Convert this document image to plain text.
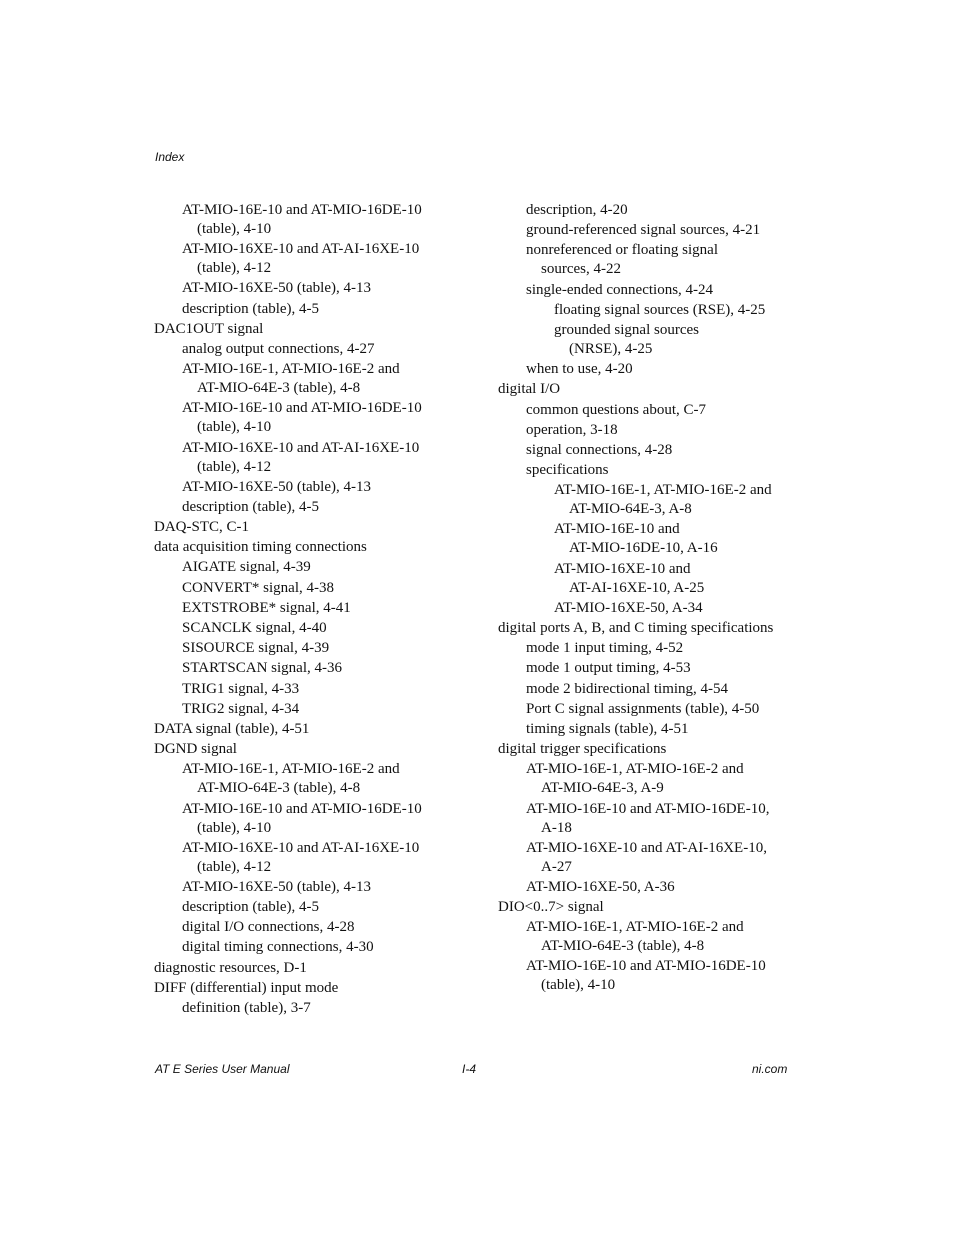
Index
AT-MIO-16E-10 and AT-MIO-16DE-10
(table), 4-10
AT-MIO-16XE-10 and AT-AI-16XE-10
(table), 4-12
AT-MIO-16XE-50 (table), 4-13
description (table), 4-5
DAC1OUT signal
analog output connections, 4-27
AT-MIO-16E-1, AT-MIO-16E-2 and
AT-MIO-64E-3 (table), 4-8
AT-MIO-16E-10 and AT-MIO-16DE-10
(table), 4-10
AT-MIO-16XE-10 and AT-AI-16XE-10
(table), 4-12
AT-MIO-16XE-50 (table), 4-13
description (table), 4-5
DAQ-STC, C-1
data acquisition timing connections
AIGATE signal, 4-39
CONVERT* signal, 4-38
EXTSTROBE* signal, 4-41
SCANCLK signal, 4-40
SISOURCE signal, 4-39
STARTSCAN signal, 4-36
TRIG1 signal, 4-33
TRIG2 signal, 4-34
DATA signal (table), 4-51
DGND signal
AT-MIO-16E-1, AT-MIO-16E-2 and
AT-MIO-64E-3 (table), 4-8
AT-MIO-16E-10 and AT-MIO-16DE-10
(table), 4-10
AT-MIO-16XE-10 and AT-AI-16XE-10
(table), 4-12
AT-MIO-16XE-50 (table), 4-13
description (table), 4-5
digital I/O connections, 4-28
digital timing connections, 4-30
diagnostic resources, D-1
DIFF (differential) input mode
definition (table), 3-7
description, 4-20
ground-referenced signal sources, 4-21
nonreferenced or floating signal
sources, 4-22
single-ended connections, 4-24
floating signal sources (RSE), 4-25
grounded signal sources
(NRSE), 4-25
when to use, 4-20
digital I/O
common questions about, C-7
operation, 3-18
signal connections, 4-28
specifications
AT-MIO-16E-1, AT-MIO-16E-2 and
AT-MIO-64E-3, A-8
AT-MIO-16E-10 and
AT-MIO-16DE-10, A-16
AT-MIO-16XE-10 and
AT-AI-16XE-10, A-25
AT-MIO-16XE-50, A-34
digital ports A, B, and C timing specifications
mode 1 input timing, 4-52
mode 1 output timing, 4-53
mode 2 bidirectional timing, 4-54
Port C signal assignments (table), 4-50
timing signals (table), 4-51
digital trigger specifications
AT-MIO-16E-1, AT-MIO-16E-2 and
AT-MIO-64E-3, A-9
AT-MIO-16E-10 and AT-MIO-16DE-10,
A-18
AT-MIO-16XE-10 and AT-AI-16XE-10,
A-27
AT-MIO-16XE-50, A-36
DIO<0..7> signal
AT-MIO-16E-1, AT-MIO-16E-2 and
AT-MIO-64E-3 (table), 4-8
AT-MIO-16E-10 and AT-MIO-16DE-10
(table), 4-10
AT E Series User Manual	I-4	ni.com
